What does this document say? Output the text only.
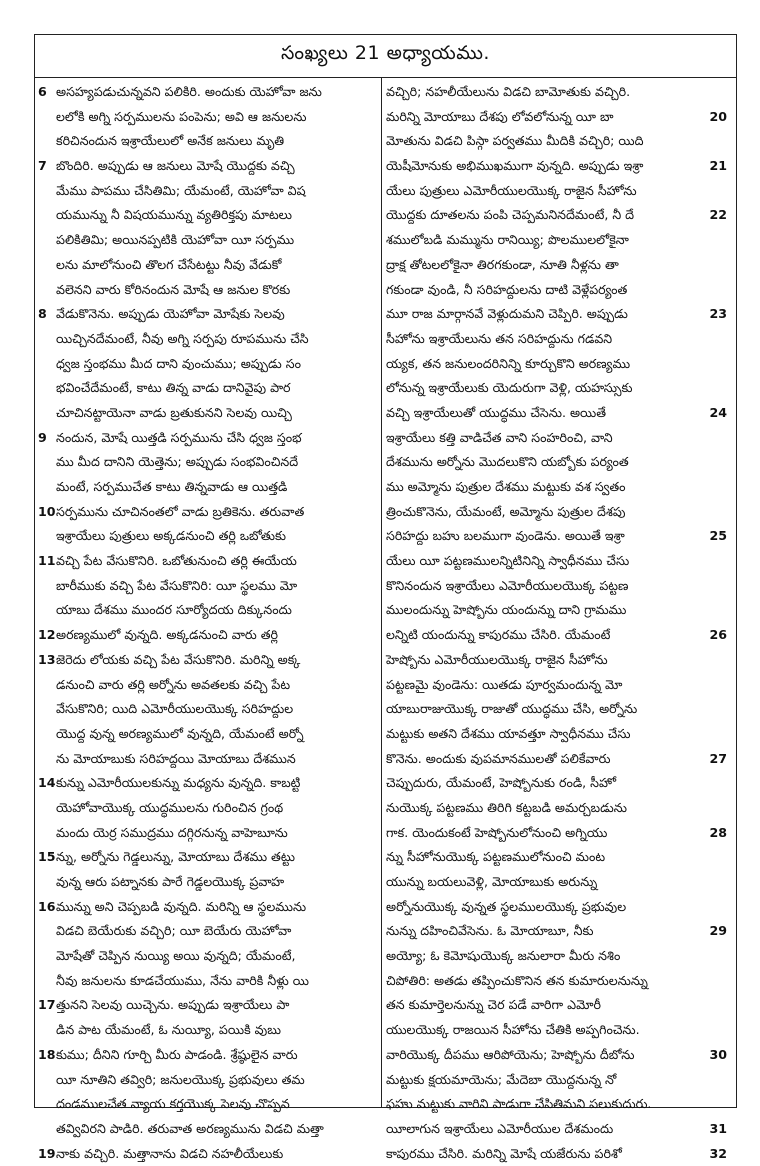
సంఖ్యలు 21 అధ్యాయము.
6 అసహ్యపడుచున్నవని పలికిరి. అందుకు యెహోవా జను
లలోకి అగ్ని సర్పములను పంపెను; అవి ఆ జనులను
కరిచినందున ఇశ్రాయేలులో అనేక జనులు మృతి
7 బొందిరి. అప్పుడు ఆ జనులు మోషే యొద్దకు వచ్చి
మేము పాపము చేసితిమి; యేమంటే, యెహోవా విష
యమున్ను నీ విషయమున్ను వ్యతిరిక్తపు మాటలు
పలికితిమి; అయినప్పటికి యెహోవా యీ సర్పము
లను మాలోనుంచి తొలగ చేసేటట్టు నీవు వేడుకో
వలెనని వారు కోరినందున మోషే ఆ జనుల కొరకు
8 వేడుకొనెను. అప్పుడు యెహోవా మోషేకు సెలవు
యిచ్చినదేమంటే, నీవు అగ్ని సర్పపు రూపమును చేసి
ధ్వజ స్తంభము మీద దాని వుంచుము; అప్పుడు సం
భవించేదేమంటే, కాటు తిన్న వాడు దానివైపు పార
చూచినట్టాయెనా వాడు బ్రతుకునని సెలవు యిచ్చి
9 నందున, మోషే యిత్తడి సర్పమును చేసి ధ్వజ స్తంభ
ము మీద దానిని యెత్తెను; అప్పుడు సంభవించినదే
మంటే, సర్పముచేత కాటు తిన్నవాడు ఆ యిత్తడి
10 సర్పమును చూచినంతలో వాడు బ్రతికెను. తరువాత
ఇశ్రాయేలు పుత్రులు అక్కడనుంచి తర్లి ఒబోతుకు
11 వచ్చి పేట వేసుకొనిరి. ఒబోతునుంచి తర్లి ఈయేయ
బారీముకు వచ్చి పేట వేసుకొనిరి: యీ స్థలము మో
యాబు దేశము ముందర సూర్యోదయ దిక్కునందు
12 అరణ్యములో వున్నది. అక్కడనుంచి వారు తర్లి
13 జెరెదు లోయకు వచ్చి పేట వేసుకొనిరి. మరిన్ని అక్క
డనుంచి వారు తర్లి అర్నోను అవతలకు వచ్చి పేట
వేసుకొనిరి; యిది ఎమోరీయులయొక్క సరిహద్దుల
యొద్ద వున్న అరణ్యములో వున్నది, యేమంటే అర్నో
ను మోయాబుకు సరిహద్దయి మోయాబు దేశమున
14 కున్ను ఎమోరీయులకున్ను మధ్యను వున్నది. కాబట్టి
యెహోవాయొక్క యుద్ధములను గురించిన గ్రంథ
మందు యెర్ర సముద్రము దగ్గిరనున్న వాహెబూను
15 న్ను, అర్నోను గెడ్డలున్ను, మోయాబు దేశము తట్టు
వున్న ఆరు పట్నానకు పారే గెడ్డలయొక్క ప్రవాహ
16 మున్ను అని చెప్పబడి వున్నది. మరిన్ని ఆ స్థలమును
విడచి బెయేరుకు వచ్చిరి; యీ బెయేరు యెహోవా
మోషేతో చెప్పిన నుయ్యి అయి వున్నది; యేమంటే,
నీవు జనులను కూడచేయుము, నేను వారికి నీళ్లు యి
17 త్తునని సెలవు యిచ్చెను. అప్పుడు ఇశ్రాయేలు పా
డిన పాట యేమంటే, ఓ నుయ్యీ, పయికి వుబు
18 కుము; దీనిని గూర్చి మీరు పాడండి. శ్రేష్ఠులైన వారు
యీ నూతిని తవ్విరి; జనులయొక్క ప్రభువులు తమ
దండములచేత న్యాయ కర్తయొక్క సెలవు చొప్పన
తవ్వివిరని పాడిరి. తరువాత అరణ్యమును విడచి మత్తా
19 నాకు వచ్చిరి. మత్తానాను విడచి నహలీయేలుకు
వచ్చిరి; నహలీయేలును విడచి బామోతుకు వచ్చిరి.
20
మరిన్ని మోయాబు దేశపు లోవలోనున్న యీ బా
మోతును విడచి పిస్గా పర్వతము మీదికి వచ్చిరి; యిది
21
యెషీమోనుకు అభిముఖముగా వున్నది. అప్పుడు ఇశ్రా
యేలు పుత్రులు ఎమోరీయులయొక్క రాజైన సీహోను
22
యొద్దకు దూతలను పంపి చెప్పమనినదేమంటే, నీ దే
శములోబడి మమ్మును రానియ్యి; పొలములలోకైనా
ద్రాక్ష తోటలలోకైనా తిరగకుండా, నూతి నీళ్లను తా
గకుండా వుండి, నీ సరిహద్దులను దాటి వెళ్లేపర్యంత
23
మూ రాజ మార్గానవే వెళ్లుదుమని చెప్పిరి. అప్పుడు
సీహోను ఇశ్రాయేలును తన సరిహద్దును గడవని
య్యక, తన జనులందరినిన్ని కూర్చుకొని అరణ్యము
లోనున్న ఇశ్రాయేలుకు యెదురుగా వెళ్లి, యహస్సుకు
24
వచ్చి ఇశ్రాయేలుతో యుద్ధము చేసెను. అయితే
ఇశ్రాయేలు కత్తి వాడిచేత వాని సంహరించి, వాని
దేశమును అర్నోను మొదలుకొని యబ్బోకు పర్యంత
ము అమ్మోను పుత్రుల దేశము మట్టుకు వశ స్వతం
త్రించుకొనెను, యేమంటే, అమ్మోను పుత్రుల దేశపు
25
సరిహద్దు బహు బలముగా వుండెను. అయితే ఇశ్రా
యేలు యీ పట్టణములన్నిటినిన్ని స్వాధీనము చేసు
కొనినందున ఇశ్రాయేలు ఎమోరీయులయొక్క పట్టణ
ములందున్ను హెష్బోను యందున్ను దాని గ్రామము
26
లన్నిటి యందున్ను కాపురము చేసిరి. యేమంటే
హెష్బోను ఎమోరీయులయొక్క రాజైన సీహోను
పట్టణమై వుండెను: యితడు పూర్వమందున్న మో
యాబురాజుయొక్క రాజుతో యుద్ధము చేసి, అర్నోను
మట్టుకు అతని దేశము యావత్తూ స్వాధీనము చేసు
27
కొనెను. అందుకు వుపమానములతో పలికేవారు
చెప్పుదురు, యేమంటే, హెష్బోనుకు రండి, సీహో
నుయొక్క పట్టణము తిరిగి కట్టబడి అమర్చబడును
28
గాక. యెందుకంటే హెష్బోనులోనుంచి అగ్నియు
న్ను సీహోనుయొక్క పట్టణములోనుంచి మంట
యున్ను బయలువెళ్లి, మోయాబుకు అరున్ను
అర్నోనుయొక్క వున్నత స్థలములయొక్క ప్రభువుల
29
నున్ను దహించివేసెను. ఓ మోయాబూ, నీకు
అయ్యో; ఓ కెమోషుయొక్క జనులారా మీరు నశిం
చిపోతిరి: అతడు తప్పించుకొనిన తన కుమారులనున్ను
తన కుమార్తెలనున్ను చెర పడే వారిగా ఎమోరీ
యులయొక్క రాజయిన సీహోను చేతికి అప్పగించెను.
30
వారియొక్క దీపము ఆరిపోయెను; హెష్బోను దీబోను
మట్టుకు క్షయమాయెను; మేదెబా యొద్దనున్న నో
ఫహు మట్టుకు వారిని పాడుగా చేసితిమని పలుకుదురు.
31
యీలాగున ఇశ్రాయేలు ఎమోరీయుల దేశమందు
32
కాపురము చేసిరి. మరిన్ని మోషే యజేరును పరిశో
